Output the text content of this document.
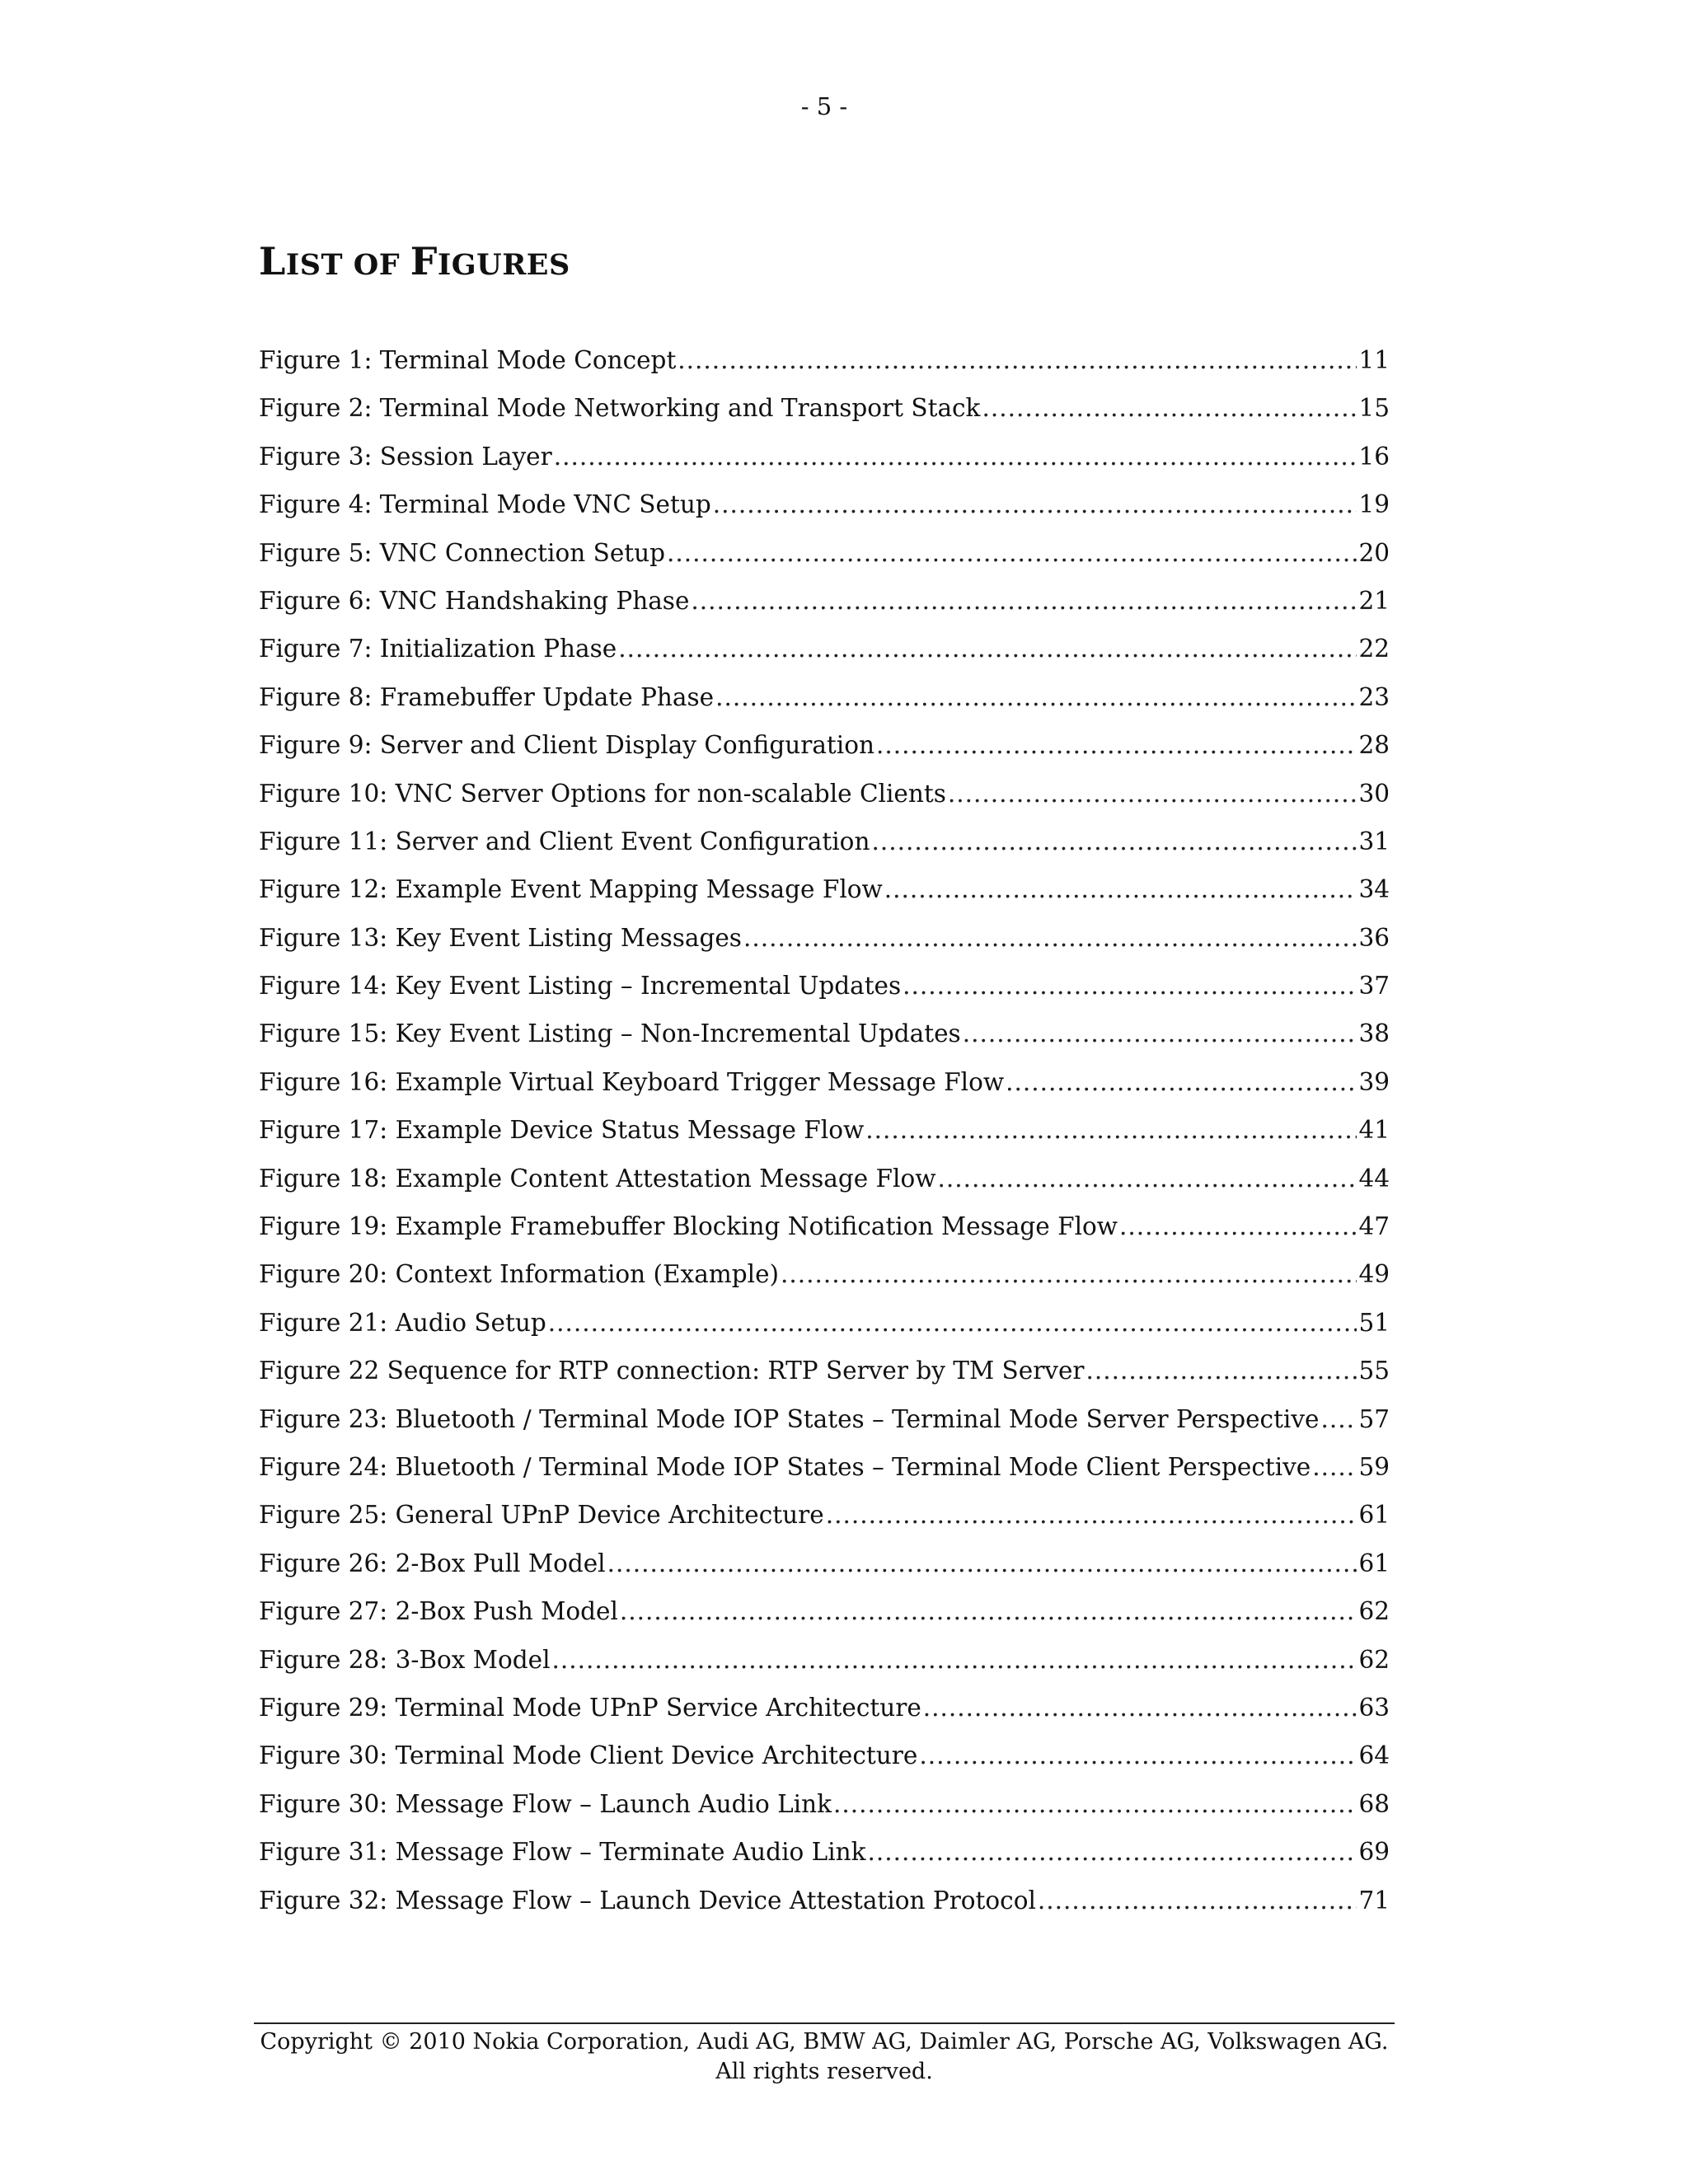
- 5 -
LIST OF FIGURES
Figure 1: Terminal Mode Concept .....	11
Figure 2: Terminal Mode Networking and Transport Stack .....	15
Figure 3: Session Layer .....	16
Figure 4: Terminal Mode VNC Setup .....	19
Figure 5: VNC Connection Setup .....	20
Figure 6: VNC Handshaking Phase .....	21
Figure 7: Initialization Phase .....	22
Figure 8: Framebuffer Update Phase .....	23
Figure 9: Server and Client Display Configuration .....	28
Figure 10: VNC Server Options for non-scalable Clients .....	30
Figure 11: Server and Client Event Configuration .....	31
Figure 12: Example Event Mapping Message Flow .....	34
Figure 13: Key Event Listing Messages .....	36
Figure 14: Key Event Listing – Incremental Updates .....	37
Figure 15: Key Event Listing – Non-Incremental Updates .....	38
Figure 16: Example Virtual Keyboard Trigger Message Flow .....	39
Figure 17: Example Device Status Message Flow .....	41
Figure 18: Example Content Attestation Message Flow .....	44
Figure 19: Example Framebuffer Blocking Notification Message Flow .....	47
Figure 20: Context Information (Example) .....	49
Figure 21: Audio Setup .....	51
Figure 22 Sequence for RTP connection: RTP Server by TM Server .....	55
Figure 23: Bluetooth / Terminal Mode IOP States – Terminal Mode Server Perspective ..... 57
Figure 24: Bluetooth / Terminal Mode IOP States – Terminal Mode Client Perspective ..... 59
Figure 25: General UPnP Device Architecture .....	61
Figure 26: 2-Box Pull Model .....	61
Figure 27: 2-Box Push Model .....	62
Figure 28: 3-Box Model .....	62
Figure 29: Terminal Mode UPnP Service Architecture .....	63
Figure 30: Terminal Mode Client Device Architecture .....	64
Figure 30: Message Flow – Launch Audio Link .....	68
Figure 31: Message Flow – Terminate Audio Link .....	69
Figure 32: Message Flow – Launch Device Attestation Protocol .....	71
Copyright © 2010 Nokia Corporation, Audi AG, BMW AG, Daimler AG, Porsche AG, Volkswagen AG.
All rights reserved.
